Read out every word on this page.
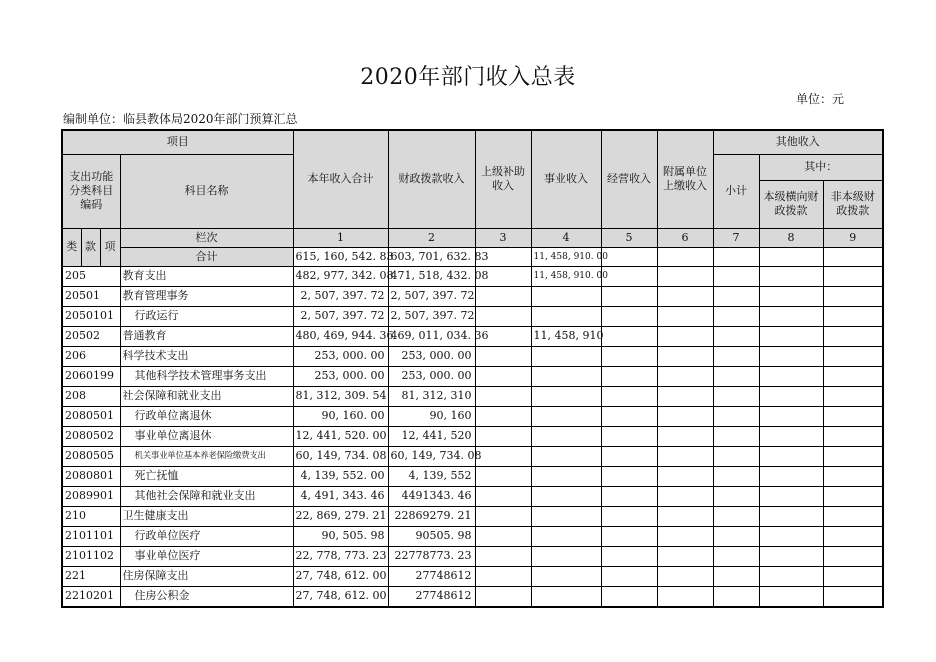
2020年部门收入总表
单位：元
编制单位：临县教体局2020年部门预算汇总
项目				本年收入合计	财政拨款收入	上级补助收入	事业收入	经营收入	附属单位上缴收入	其他收入		
支出功能分类科目编码			科目名称							小计	其中：	
											本级横向财政拨款	非本级财政拨款
类	款	项	栏次	1	2	3	4	5	6	7	8	9
			合计	615, 160, 542. 83	603, 701, 632. 83		11, 458, 910. 00					
205			教育支出	482, 977, 342. 08	471, 518, 432. 08		11, 458, 910. 00					
20501			教育管理事务	2, 507, 397. 72	2, 507, 397. 72							
2050101			行政运行	2, 507, 397. 72	2, 507, 397. 72							
20502			普通教育	480, 469, 944. 36	469, 011, 034. 36		11, 458, 910					
206			科学技术支出	253, 000. 00	253, 000. 00							
2060199			其他科学技术管理事务支出	253, 000. 00	253, 000. 00							
208			社会保障和就业支出	81, 312, 309. 54	81, 312, 310							
2080501			行政单位离退休	90, 160. 00	90, 160							
2080502			事业单位离退休	12, 441, 520. 00	12, 441, 520							
2080505			机关事业单位基本养老保险缴费支出	60, 149, 734. 08	60, 149, 734. 08							
2080801			死亡抚恤	4, 139, 552. 00	4, 139, 552							
2089901			其他社会保障和就业支出	4, 491, 343. 46	4491343. 46							
210			卫生健康支出	22, 869, 279. 21	22869279. 21							
2101101			行政单位医疗	90, 505. 98	90505. 98							
2101102			事业单位医疗	22, 778, 773. 23	22778773. 23							
221			住房保障支出	27, 748, 612. 00	27748612							
2210201			住房公积金	27, 748, 612. 00	27748612							
